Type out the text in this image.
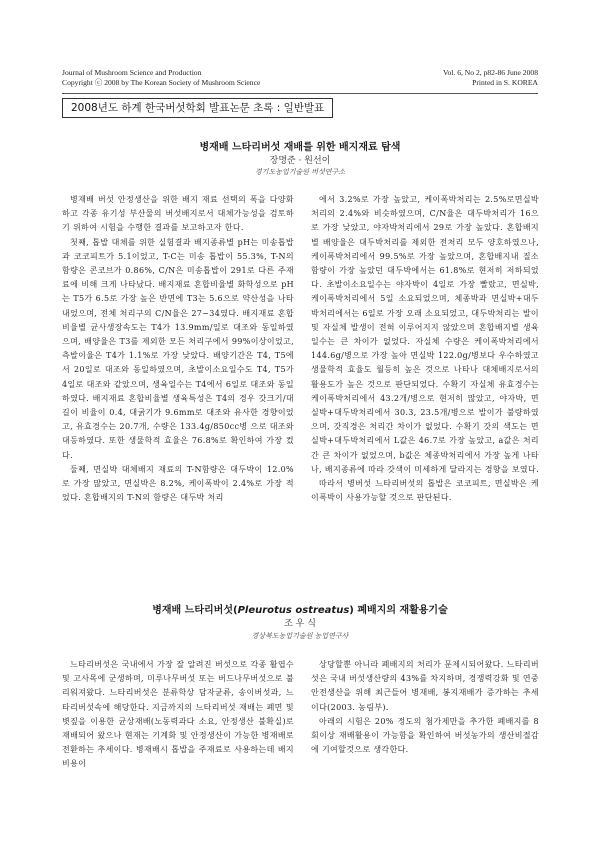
Journal of Mushroom Science and Production
Copyright ⓒ 2008 by The Korean Society of Mushroom Science
Vol. 6, No 2, p82-86 June 2008
Printed in S. KOREA
2008년도 하계 한국버섯학회 발표논문 초록 : 일반발표
병재배 느타리버섯 재배를 위한 배지재료 탐색
장명준 · 원선이
경기도농업기술원 버섯연구소

병재배 버섯 안정생산을 위한 배지 재료 선택의 폭을 다양화하고 각종 유기성 부산물의 버섯배지로서 대체가능성을 검토하기 위하여 시험을 수행한 결과를 보고하고자 한다.

첫째, 톱밥 대체를 위한 실험결과 배지종류별 pH는 미송톱밥과 코코피트가 5.1이었고, T-C는 미송 톱밥이 55.3%, T-N의 함량은 콘코브가 0.86%, C/N은 미송톱밥이 291로 다른 주재료에 비해 크게 나타났다. 배지재료 혼합비율별 화학성으로 pH는 T5가 6.5로 가장 높은 반면에 T3는 5.6으로 약산성을 나타내었으며, 전체 처리구의 C/N율은 27~34였다. 배지재료 혼합비율별 균사생장속도는 T4가 13.9mm/일로 대조와 동일하였으며, 배양율은 T3를 제외한 모든 처리구에서 99%이상이었고, 측발이율은 T4가 1.1%로 가장 낮았다. 배양기간은 T4, T5에서 20일로 대조와 동일하였으며, 초발이소요일수도 T4, T5가 4일로 대조와 같았으며, 생육일수는 T4에서 6일로 대조와 동일하였다. 배지재료 혼합비율별 생육특성은 T4의 경우 갓크기/대길이 비율이 0.4, 대굵기가 9.6mm로 대조와 유사한 경향이었고, 유효경수는 20.7개, 수량은 133.4g/850cc병 으로 대조와 대등하였다. 또한 생물학적 효율은 76.8%로 확인하여 가장 컸다.

둘째, 면실박 대체배지 재료의 T-N함량은 대두박이 12.0%로 가장 많았고, 면실박은 8.2%, 케이폭박이 2.4%로 가장 적었다. 혼합배지의 T-N의 함량은 대두박 처리

에서 3.2%로 가장 높았고, 케이폭박처리는 2.5%로면실박처리의 2.4%와 비슷하였으며, C/N율은 대두박처리가 16으로 가장 낮았고, 야자박처리에서 29로 가장 높았다. 혼합배지별 배양율은 대두박처리를 제외한 전처리 모두 양호하였으나, 케이폭박처리에서 99.5%로 가장 높았으며, 혼합배지내 질소함량이 가장 높았던 대두박에서는 61.8%로 현저히 저하되었다. 초발이소요일수는 야자박이 4일로 가장 빨랐고, 면실박, 케이폭박처리에서 5일 소요되었으며, 체종박과 면실박+대두박처리에서는 6일로 가장 오래 소요되었고, 대두박처리는 발이 및 자실체 발생이 전혀 이루어지지 않았으며 혼합배지별 생육일수는 큰 차이가 없었다. 자실체 수량은 케이폭박처리에서 144.6g/병으로 가장 높아 면실박 122.0g/병보다 우수하였고 생물학적 효율도 월등히 높은 것으로 나타나 대체배지로서의 활용도가 높은 것으로 판단되었다. 수확기 자실체 유효경수는 케이폭박처리에서 43.2개/병으로 현저히 많았고, 야자박, 면실박+대두박처리에서 30.3, 23.5개/병으로 발이가 불량하였으며, 갓직경은 처리간 차이가 없었다. 수확기 갓의 색도는 면실박+대두박처리에서 L값은 46.7로 가장 높았고, a값은 처리간 큰 차이가 없었으며, b값은 체종박처리에서 가장 높게 나타나, 배지종류에 따라 갓색이 미세하게 달라지는 경향을 보였다.

따라서 병버섯 느타리버섯의 톱밥은 코코피트, 면실박은 케이폭박이 사용가능할 것으로 판단된다.

병재배 느타리버섯(Pleurotus ostreatus) 폐배지의 재활용기술
조 우 식
경상북도농업기술원 농업연구사

느타리버섯은 국내에서 가장 잘 알려진 버섯으로 각종 활엽수 및 고사목에 군생하며, 미루나무버섯 또는 버드나무버섯으로 불리워져왔다. 느타리버섯은 분류학상 담자균류, 송이버섯과, 느타리버섯속에 해당한다. 지금까지의 느타리버섯 재배는 폐면 및 볏짚을 이용한 균상재배(노동력과다 소요, 안정생산 불확실)로 재배되어 왔으나 현재는 기계화 및 안정생산이 가능한 병재배로 전환하는 추세이다. 병재배시 톱밥을 주재료로 사용하는데 배지비용이

상당할뿐 아니라 폐배지의 처리가 문제시되어왔다. 느타리버섯은 국내 버섯생산량의 43%를 차지하며, 경쟁력강화 및 연중안전생산을 위해 최근들어 병재배, 봉지재배가 증가하는 추세이다(2003. 농림부).

아래의 시험은 20% 정도의 첨가제만을 추가한 폐배지를 8회이상 재배활용이 가능함을 확인하여 버섯농가의 생산비절감에 기여할것으로 생각한다.
